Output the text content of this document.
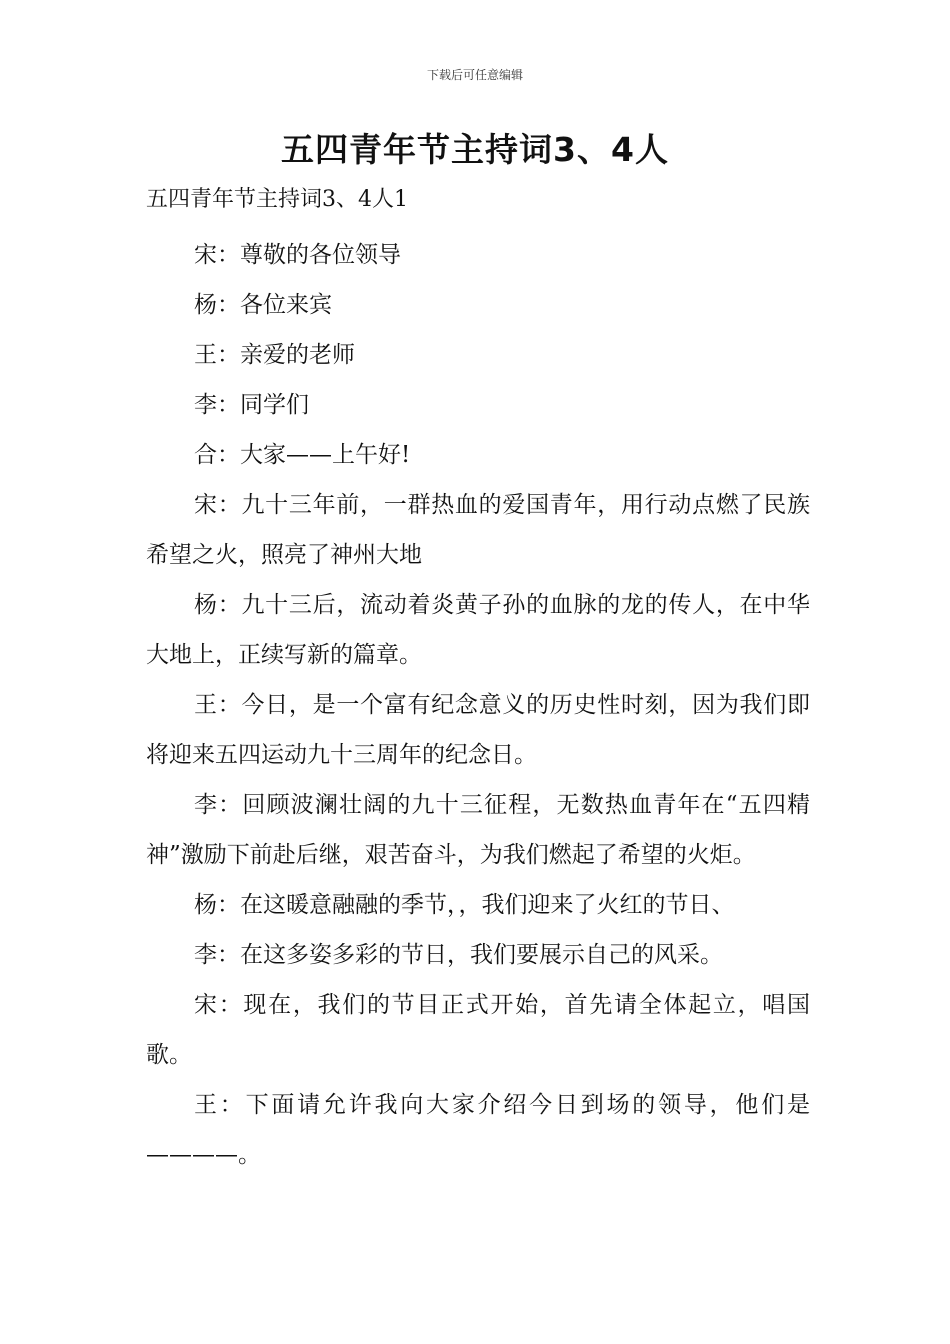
下载后可任意编辑
五四青年节主持词3、4人

五四青年节主持词3、4人1

宋：尊敬的各位领导

杨：各位来宾

王：亲爱的老师

李：同学们

合：大家——上午好!

宋：九十三年前，一群热血的爱国青年，用行动点燃了民族希望之火，照亮了神州大地

杨：九十三后，流动着炎黄子孙的血脉的龙的传人，在中华大地上，正续写新的篇章。

王：今日，是一个富有纪念意义的历史性时刻，因为我们即将迎来五四运动九十三周年的纪念日。

李：回顾波澜壮阔的九十三征程，无数热血青年在“五四精神”激励下前赴后继，艰苦奋斗，为我们燃起了希望的火炬。

杨：在这暖意融融的季节，，我们迎来了火红的节日、

李：在这多姿多彩的节日，我们要展示自己的风采。

宋：现在，我们的节目正式开始，首先请全体起立，唱国歌。

王：下面请允许我向大家介绍今日到场的领导，他们是————。
